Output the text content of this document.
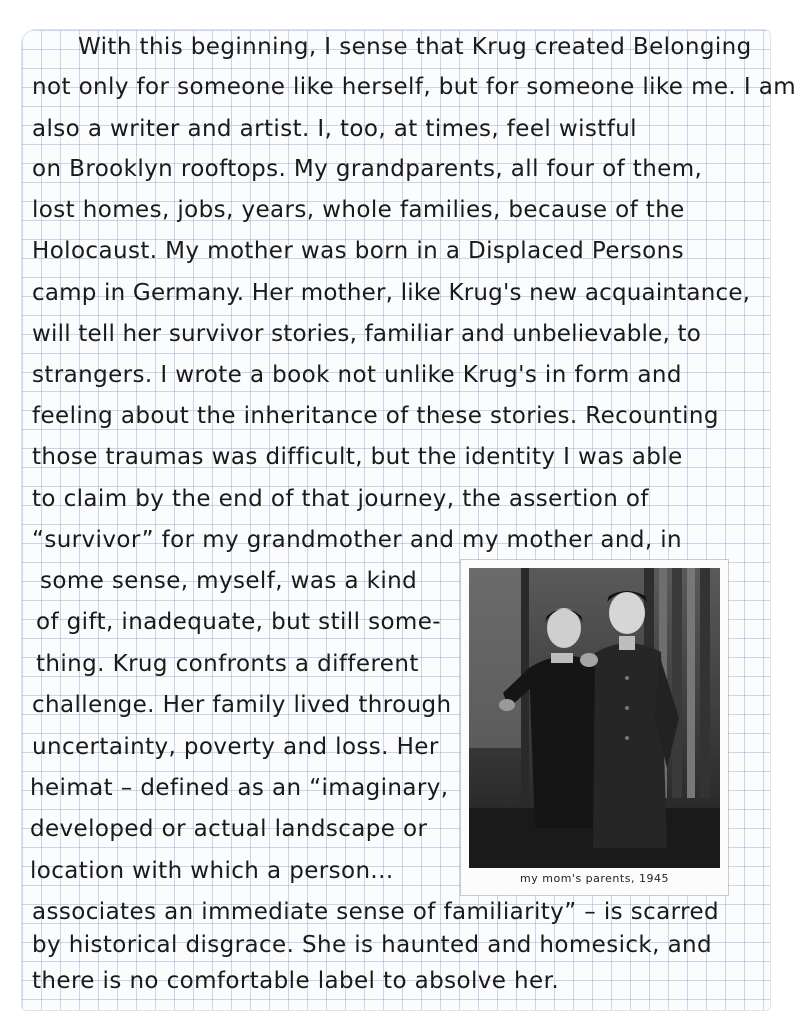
With this beginning, I sense that Krug created Belonging
not only for someone like herself, but for someone like me. I am
also a writer and artist. I, too, at times, feel wistful
on Brooklyn rooftops. My grandparents, all four of them,
lost homes, jobs, years, whole families, because of the
Holocaust. My mother was born in a Displaced Persons
camp in Germany. Her mother, like Krug's new acquaintance,
will tell her survivor stories, familiar and unbelievable, to
strangers. I wrote a book not unlike Krug's in form and
feeling about the inheritance of these stories. Recounting
those traumas was difficult, but the identity I was able
to claim by the end of that journey, the assertion of
“survivor” for my grandmother and my mother and, in
some sense, myself, was a kind
of gift, inadequate, but still some-
thing. Krug confronts a different
challenge. Her family lived through
uncertainty, poverty and loss. Her
heimat – defined as an “imaginary,
developed or actual landscape or
location with which a person...	my mom's parents, 1945
associates an immediate sense of familiarity” – is scarred
by historical disgrace. She is haunted and homesick, and
there is no comfortable label to absolve her.
